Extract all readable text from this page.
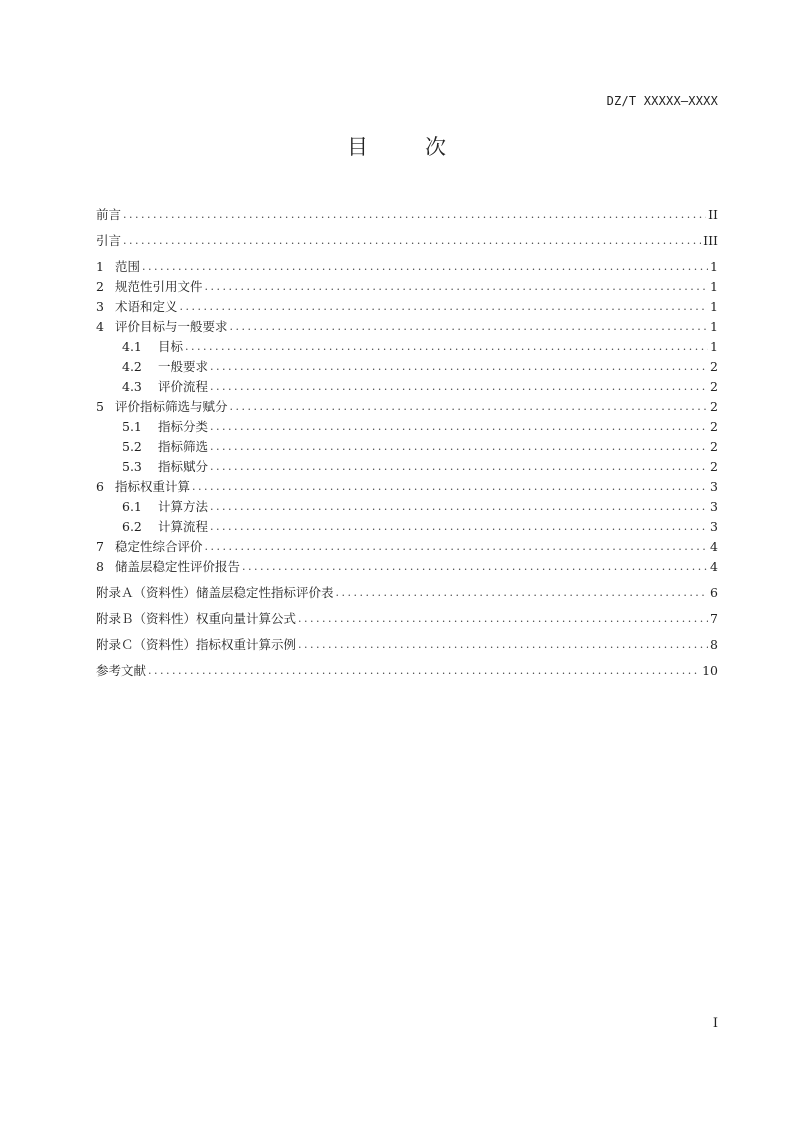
DZ/T XXXXX—XXXX
目　次
前言 .....	II
引言 .....	III
1 范围 .....	1
2 规范性引用文件 .....	1
3 术语和定义 .....	1
4 评价目标与一般要求 .....	1
4.1	目标 .....	1
4.2	一般要求 .....	2
4.3	评价流程 .....	2
5 评价指标筛选与赋分 .....	2
5.1	指标分类 .....	2
5.2	指标筛选 .....	2
5.3	指标赋分 .....	2
6 指标权重计算 .....	3
6.1	计算方法 .....	3
6.2	计算流程 .....	3
7 稳定性综合评价 .....	4
8 储盖层稳定性评价报告 .....	4
附录Ａ（资料性）储盖层稳定性指标评价表 .....	6
附录Ｂ（资料性）权重向量计算公式 .....	7
附录Ｃ（资料性）指标权重计算示例 .....	8
参考文献 .....	10
I
